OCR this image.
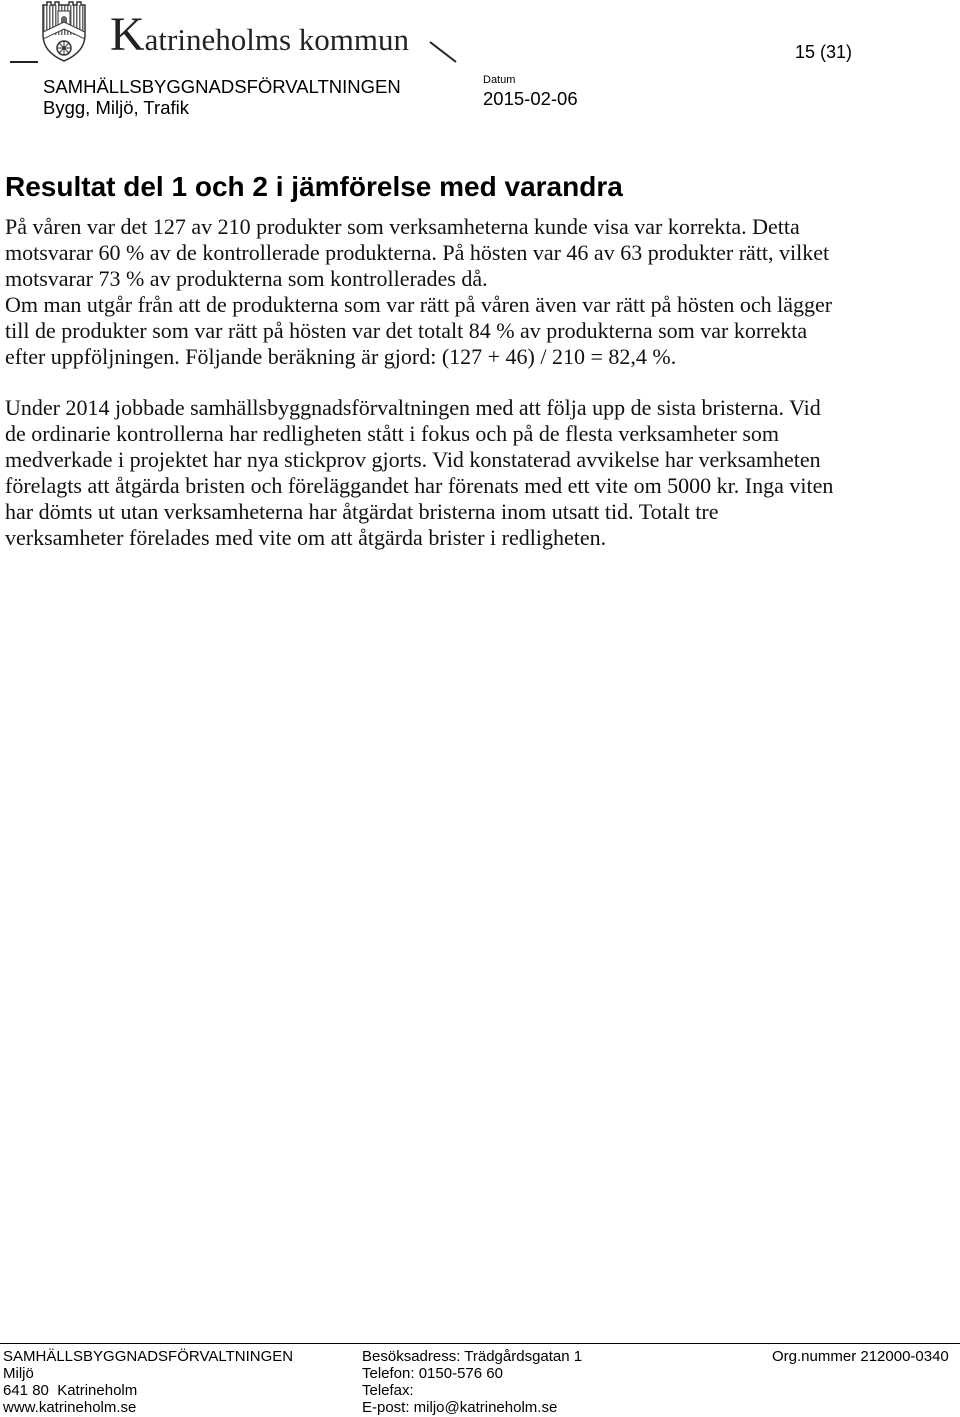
Katrineholms kommun	15 (31)
SAMHÄLLSBYGGNADSFÖRVALTNINGEN
Bygg, Miljö, Trafik
Datum
2015-02-06
Resultat del 1 och 2 i jämförelse med varandra
På våren var det 127 av 210 produkter som verksamheterna kunde visa var korrekta. Detta
motsvarar 60 % av de kontrollerade produkterna. På hösten var 46 av 63 produkter rätt, vilket
motsvarar 73 % av produkterna som kontrollerades då.
Om man utgår från att de produkterna som var rätt på våren även var rätt på hösten och lägger
till de produkter som var rätt på hösten var det totalt 84 % av produkterna som var korrekta
efter uppföljningen. Följande beräkning är gjord: (127 + 46) / 210 = 82,4 %.
Under 2014 jobbade samhällsbyggnadsförvaltningen med att följa upp de sista bristerna. Vid
de ordinarie kontrollerna har redligheten stått i fokus och på de flesta verksamheter som
medverkade i projektet har nya stickprov gjorts. Vid konstaterad avvikelse har verksamheten
förelagts att åtgärda bristen och föreläggandet har förenats med ett vite om 5000 kr. Inga viten
har dömts ut utan verksamheterna har åtgärdat bristerna inom utsatt tid. Totalt tre
verksamheter förelades med vite om att åtgärda brister i redligheten.
SAMHÄLLSBYGGNADSFÖRVALTNINGEN
Miljö
641 80  Katrineholm
www.katrineholm.se
Besöksadress: Trädgårdsgatan 1
Telefon: 0150-576 60
Telefax:
E-post: miljo@katrineholm.se
Org.nummer 212000-0340
